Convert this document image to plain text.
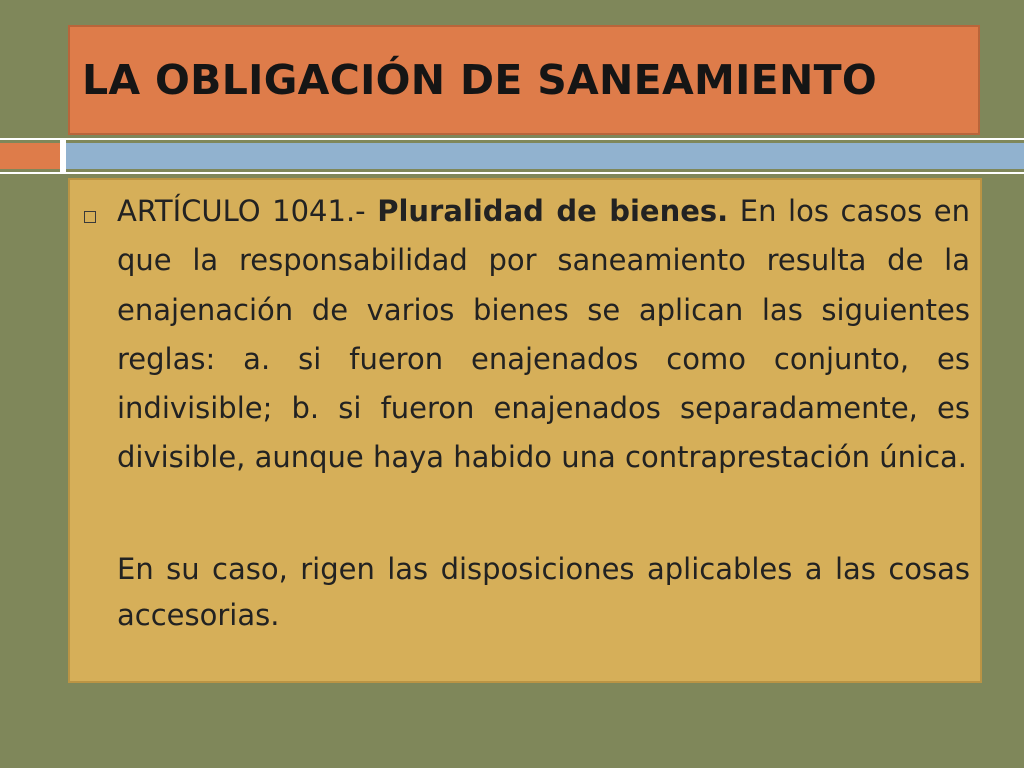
LA OBLIGACIÓN DE SANEAMIENTO
ARTÍCULO 1041.- Pluralidad de bienes. En los casos en que la responsabilidad por saneamiento resulta de la enajenación de varios bienes se aplican las siguientes reglas: a. si fueron enajenados como conjunto, es indivisible; b. si fueron enajenados separadamente, es divisible, aunque haya habido una contraprestación única.
En su caso, rigen las disposiciones aplicables a las cosas accesorias.
